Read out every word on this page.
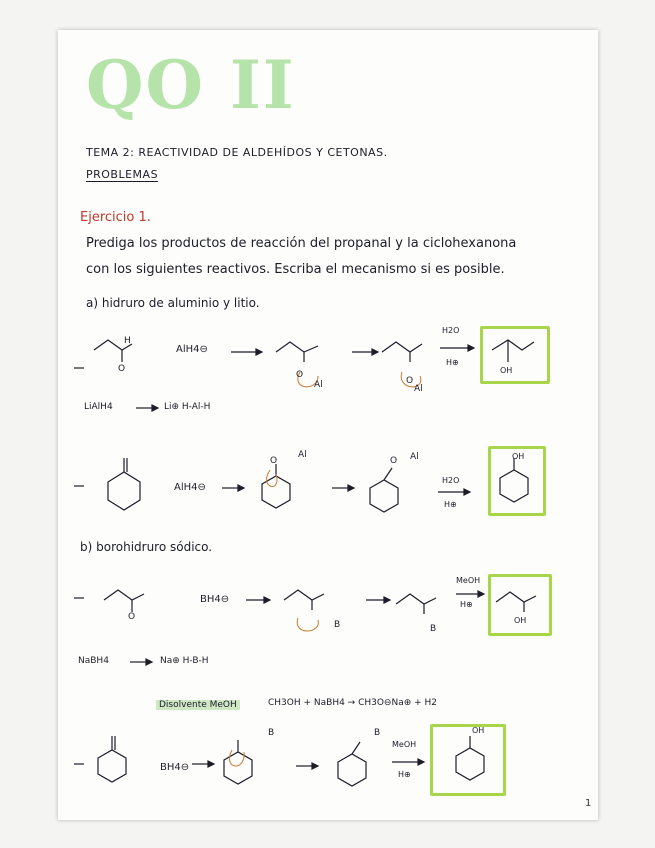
QO II
TEMA 2: REACTIVIDAD DE ALDEHÍDOS Y CETONAS.
PROBLEMAS
Ejercicio 1.
Prediga los productos de reacción del propanal y la ciclohexanona
con los siguientes reactivos. Escriba el mecanismo si es posible.
a) hidruro de aluminio y litio.
H
O
AlH4⊖
O
Al	O
Al
H2O
H⊕
OH
LiAlH4	Li⊕ H-Al-H
AlH4⊖
O
Al
O Al
H2O
H⊕
OH
b) borohidruro sódico.
O
BH4⊖
B	B
MeOH
H⊕
OH
NaBH4	Na⊕ H-B-H
Disolvente MeOH	CH3OH + NaBH4 → CH3O⊖Na⊕ + H2
BH4⊖
B	B
MeOH
H⊕
OH
1
